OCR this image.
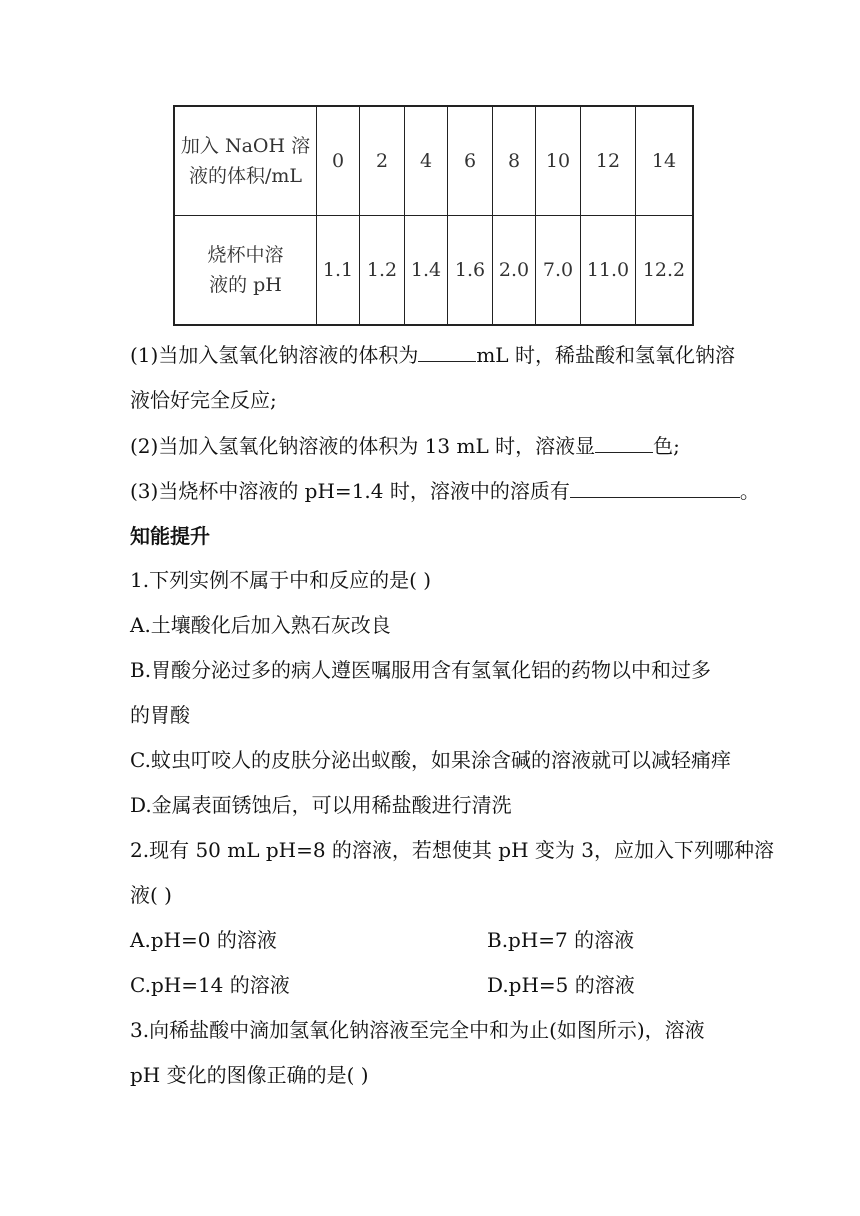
加入 NaOH 溶
液的体积/mL	0	2	4	6	8	10	12	14

烧杯中溶
液的 pH	1.1	1.2	1.4	1.6	2.0	7.0	11.0	12.2
(1)当加入氢氧化钠溶液的体积为	mL 时，稀盐酸和氢氧化钠溶
液恰好完全反应;
(2)当加入氢氧化钠溶液的体积为 13 mL 时，溶液显	色;
(3)当烧杯中溶液的 pH=1.4 时，溶液中的溶质有	。
知能提升
1.下列实例不属于中和反应的是( )
A.土壤酸化后加入熟石灰改良
B.胃酸分泌过多的病人遵医嘱服用含有氢氧化铝的药物以中和过多
的胃酸
C.蚊虫叮咬人的皮肤分泌出蚁酸，如果涂含碱的溶液就可以减轻痛痒
D.金属表面锈蚀后，可以用稀盐酸进行清洗
2.现有 50 mL pH=8 的溶液，若想使其 pH 变为 3，应加入下列哪种溶
液( )
A.pH=0 的溶液	B.pH=7 的溶液
C.pH=14 的溶液	D.pH=5 的溶液
3.向稀盐酸中滴加氢氧化钠溶液至完全中和为止(如图所示)，溶液
pH 变化的图像正确的是( )
